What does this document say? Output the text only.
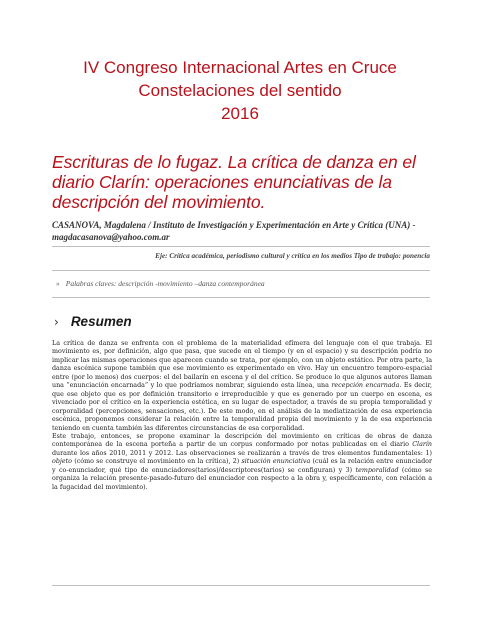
IV Congreso Internacional Artes en Cruce
Constelaciones del sentido
2016
Escrituras de lo fugaz. La crítica de danza en el diario Clarín: operaciones enunciativas de la descripción del movimiento.
CASANOVA, Magdalena / Instituto de Investigación y Experimentación en Arte y Crítica (UNA) -
magdacasanova@yahoo.com.ar
Eje: Crítica académica, periodismo cultural y crítica en los medios Tipo de trabajo: ponencia
» Palabras claves: descripción -movimiento –danza contemporánea
› Resumen

La crítica de danza se enfrenta con el problema de la materialidad efímera del lenguaje con el que trabaja. El movimiento es, por definición, algo que pasa, que sucede en el tiempo (y en el espacio) y su descripción podría no implicar las mismas operaciones que aparecen cuando se trata, por ejemplo, con un objeto estático. Por otra parte, la danza escénica supone también que ese movimiento es experimentado en vivo. Hay un encuentro temporo-espacial entre (por lo menos) dos cuerpos: el del bailarín en escena y el del crítico. Se produce lo que algunos autores llaman una “enunciación encarnada” y lo que podríamos nombrar, siguiendo esta línea, una recepción encarnada. Es decir, que ese objeto que es por definición transitorio e irreproducible y que es generado por un cuerpo en escena, es vivenciado por el crítico en la experiencia estética, en su lugar de espectador, a través de su propia temporalidad y corporalidad (percepciones, sensaciones, etc.). De este modo, en el análisis de la mediatización de esa experiencia escénica, proponemos considerar la relación entre la temporalidad propia del movimiento y la de esa experiencia teniendo en cuenta también las diferentes circunstancias de esa corporalidad.

Este trabajo, entonces, se propone examinar la descripción del movimiento en críticas de obras de danza contemporánea de la escena porteña a partir de un corpus conformado por notas publicadas en el diario Clarín durante los años 2010, 2011 y 2012. Las observaciones se realizarán a través de tres elementos fundamentales: 1) objeto (cómo se construye el movimiento en la crítica), 2) situación enunciativa (cuál es la relación entre enunciador y co-enunciador, qué tipo de enunciadores(tarios)/descriptores(tarios) se configuran) y 3) temporalidad (cómo se organiza la relación presente-pasado-futuro del enunciador con respecto a la obra y, específicamente, con relación a la fugacidad del movimiento).
